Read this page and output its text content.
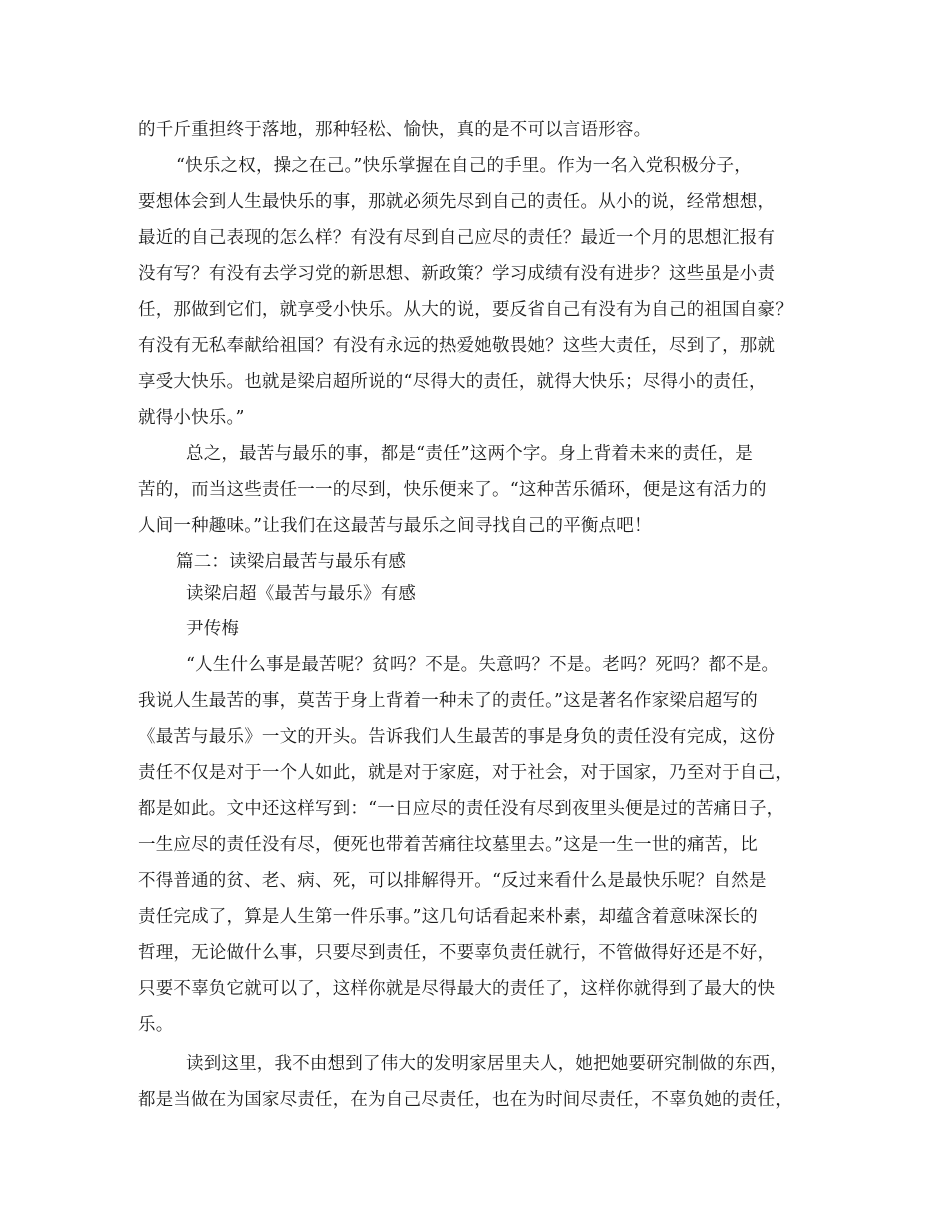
的千斤重担终于落地，那种轻松、愉快，真的是不可以言语形容。
“快乐之权，操之在己。”快乐掌握在自己的手里。作为一名入党积极分子，
要想体会到人生最快乐的事，那就必须先尽到自己的责任。从小的说，经常想想，
最近的自己表现的怎么样？有没有尽到自己应尽的责任？最近一个月的思想汇报有
没有写？有没有去学习党的新思想、新政策？学习成绩有没有进步？这些虽是小责
任，那做到它们，就享受小快乐。从大的说，要反省自己有没有为自己的祖国自豪？
有没有无私奉献给祖国？有没有永远的热爱她敬畏她？这些大责任，尽到了，那就
享受大快乐。也就是梁启超所说的“尽得大的责任，就得大快乐；尽得小的责任，
就得小快乐。”
总之，最苦与最乐的事，都是“责任”这两个字。身上背着未来的责任，是
苦的，而当这些责任一一的尽到，快乐便来了。“这种苦乐循环，便是这有活力的
人间一种趣味。”让我们在这最苦与最乐之间寻找自己的平衡点吧！
篇二：读梁启最苦与最乐有感
读梁启超《最苦与最乐》有感
尹传梅
“人生什么事是最苦呢？贫吗？不是。失意吗？不是。老吗？死吗？都不是。
我说人生最苦的事，莫苦于身上背着一种未了的责任。”这是著名作家梁启超写的
《最苦与最乐》一文的开头。告诉我们人生最苦的事是身负的责任没有完成，这份
责任不仅是对于一个人如此，就是对于家庭，对于社会，对于国家，乃至对于自己，
都是如此。文中还这样写到：“一日应尽的责任没有尽到夜里头便是过的苦痛日子，
一生应尽的责任没有尽，便死也带着苦痛往坟墓里去。”这是一生一世的痛苦，比
不得普通的贫、老、病、死，可以排解得开。“反过来看什么是最快乐呢？自然是
责任完成了，算是人生第一件乐事。”这几句话看起来朴素，却蕴含着意味深长的
哲理，无论做什么事，只要尽到责任，不要辜负责任就行，不管做得好还是不好，
只要不辜负它就可以了，这样你就是尽得最大的责任了，这样你就得到了最大的快
乐。
读到这里，我不由想到了伟大的发明家居里夫人，她把她要研究制做的东西，
都是当做在为国家尽责任，在为自己尽责任，也在为时间尽责任，不辜负她的责任，
